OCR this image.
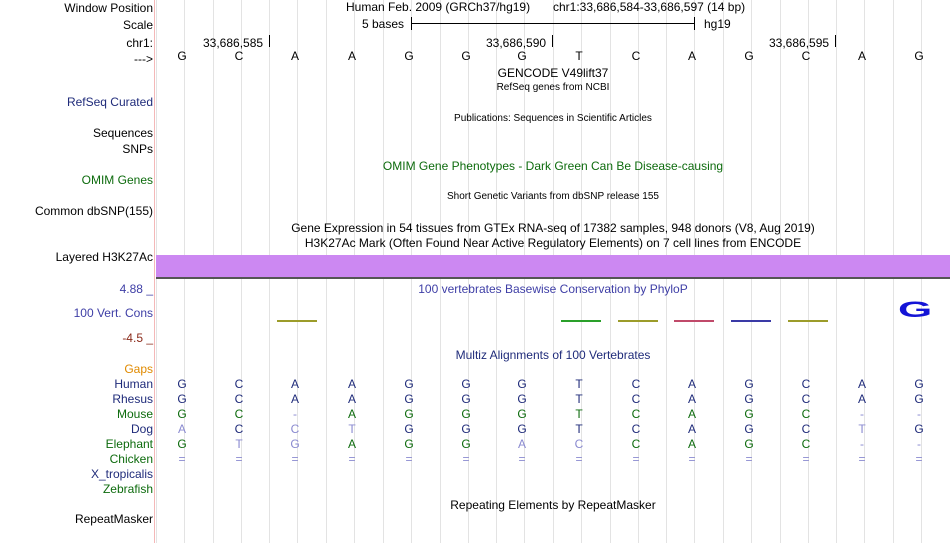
Window Position	Human Feb. 2009 (GRCh37/hg19) chr1:33,686,584-33,686,597 (14 bp)
Scale	5 bases	hg19
chr1:	33,686,585	33,686,590	33,686,595
--->	G	C	A	A	G	G	G	T	C	A	G	C	A	G
GENCODE V49lift37
RefSeq genes from NCBI
RefSeq Curated
Publications: Sequences in Scientific Articles
Sequences
SNPs
OMIM Gene Phenotypes - Dark Green Can Be Disease-causing
OMIM Genes
Short Genetic Variants from dbSNP release 155
Common dbSNP(155)
Gene Expression in 54 tissues from GTEx RNA-seq of 17382 samples, 948 donors (V8, Aug 2019)
H3K27Ac Mark (Often Found Near Active Regulatory Elements) on 7 cell lines from ENCODE
Layered H3K27Ac
4.88 _	100 vertebrates Basewise Conservation by PhyloP
100 Vert. Cons
-4.5 _
G
Multiz Alignments of 100 Vertebrates
Gaps
Human	G	C	A	A	G	G	G	T	C	A	G	C	A	G
Rhesus	G	C	A	A	G	G	G	T	C	A	G	C	A	G
Mouse	G	C	-	A	G	G	G	T	C	A	G	C	-	-
Dog	A	C	C	T	G	G	G	T	C	A	G	C	T	G
Elephant	G	T	G	A	G	G	A	C	C	A	G	C	-	-
Chicken	=	=	=	=	=	=	=	=	=	=	=	=	=	=
X_tropicalis
Zebrafish
Repeating Elements by RepeatMasker
RepeatMasker
